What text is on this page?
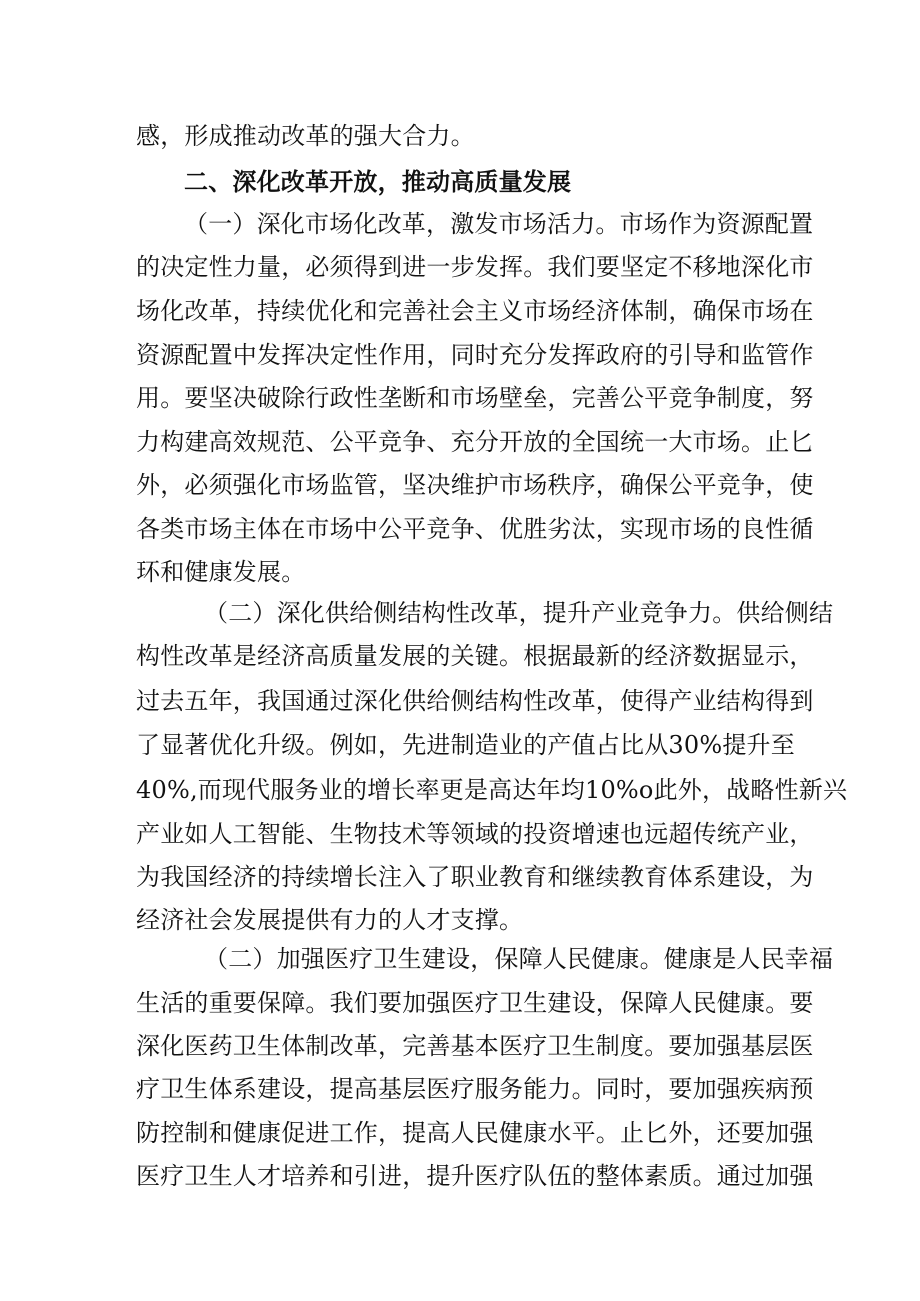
感，形成推动改革的强大合力。
二、深化改革开放，推动高质量发展
（一）深化市场化改革，激发市场活力。市场作为资源配置
的决定性力量，必须得到进一步发挥。我们要坚定不移地深化市
场化改革，持续优化和完善社会主义市场经济体制，确保市场在
资源配置中发挥决定性作用，同时充分发挥政府的引导和监管作
用。要坚决破除行政性垄断和市场壁垒，完善公平竞争制度，努
力构建高效规范、公平竞争、充分开放的全国统一大市场。止匕
外，必须强化市场监管，坚决维护市场秩序，确保公平竞争，使
各类市场主体在市场中公平竞争、优胜劣汰，实现市场的良性循
环和健康发展。
（二）深化供给侧结构性改革，提升产业竞争力。供给侧结
构性改革是经济高质量发展的关键。根据最新的经济数据显示，
过去五年，我国通过深化供给侧结构性改革，使得产业结构得到
了显著优化升级。例如，先进制造业的产值占比从30%提升至
40%,而现代服务业的增长率更是高达年均10%o此外，战略性新兴
产业如人工智能、生物技术等领域的投资增速也远超传统产业，
为我国经济的持续增长注入了职业教育和继续教育体系建设，为
经济社会发展提供有力的人才支撑。
（二）加强医疗卫生建设，保障人民健康。健康是人民幸福
生活的重要保障。我们要加强医疗卫生建设，保障人民健康。要
深化医药卫生体制改革，完善基本医疗卫生制度。要加强基层医
疗卫生体系建设，提高基层医疗服务能力。同时，要加强疾病预
防控制和健康促进工作，提高人民健康水平。止匕外，还要加强
医疗卫生人才培养和引进，提升医疗队伍的整体素质。通过加强
